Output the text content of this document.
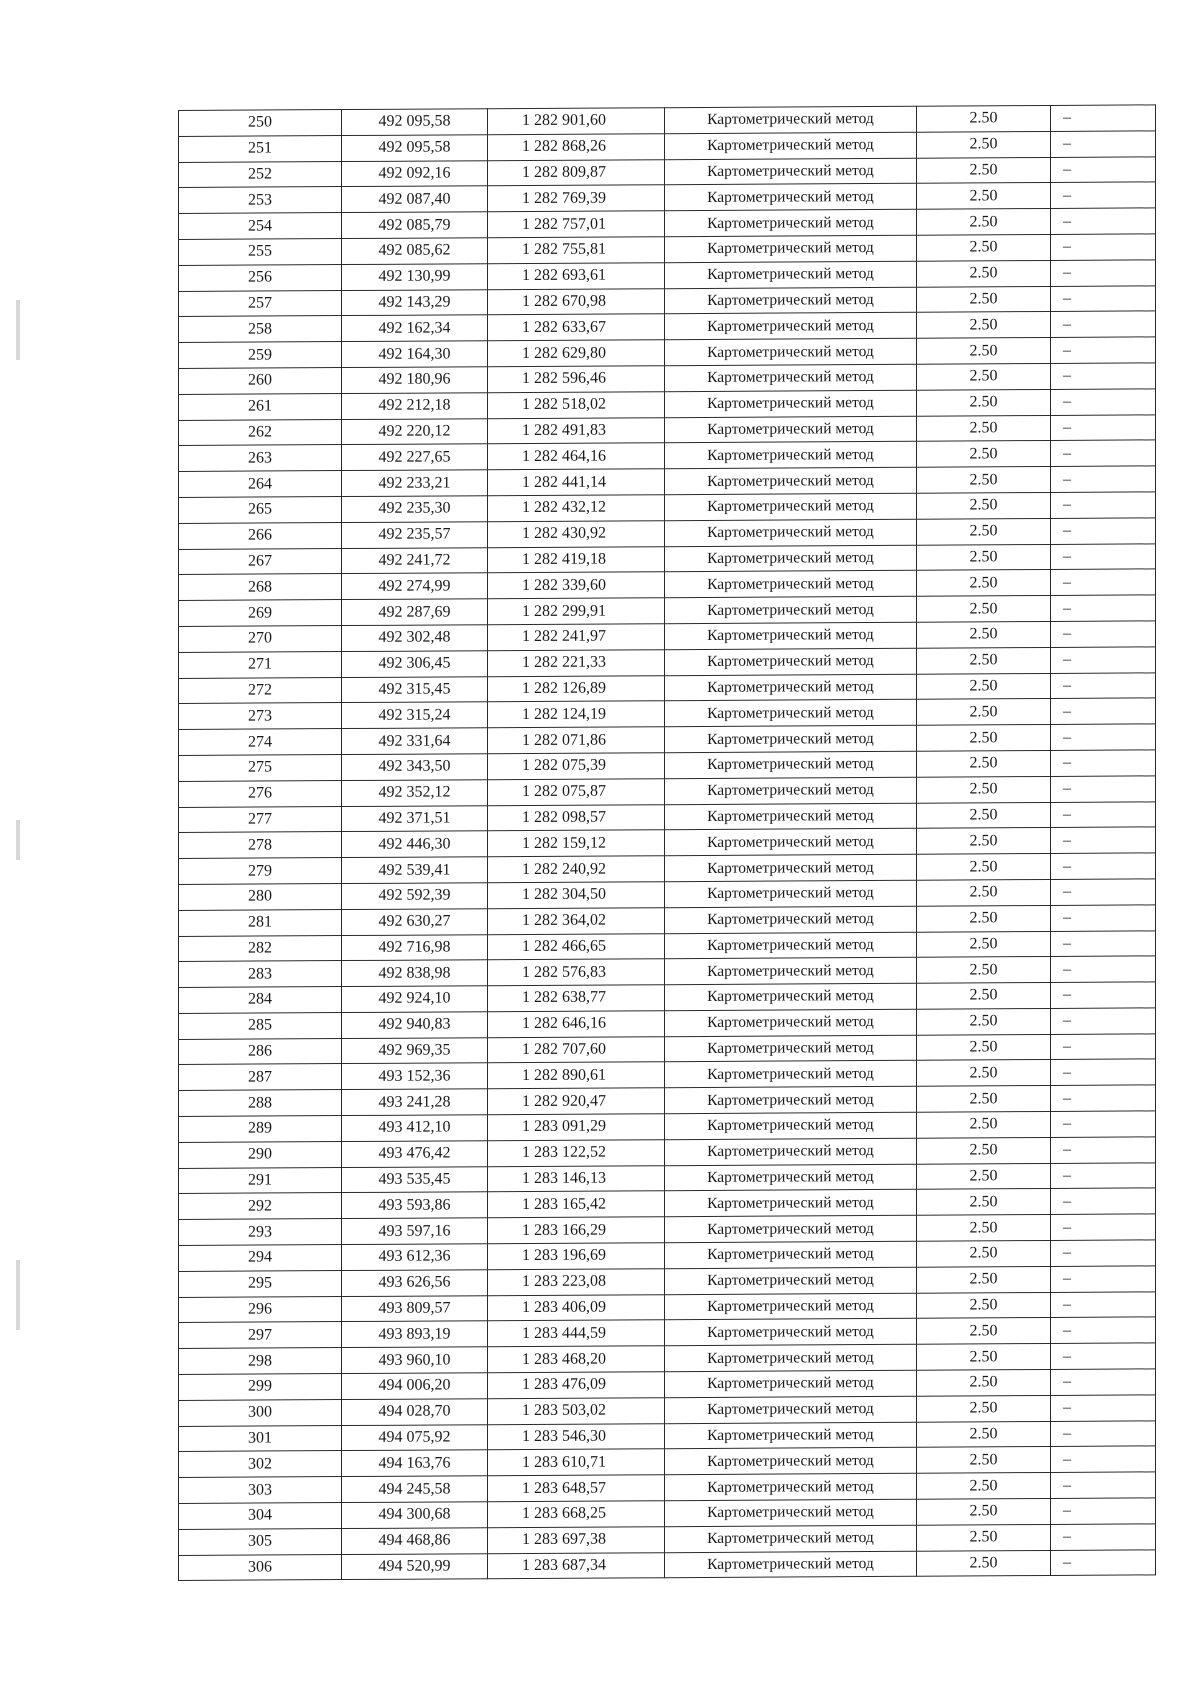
250	492 095,58	1 282 901,60	Картометрический метод	2.50	–
251	492 095,58	1 282 868,26	Картометрический метод	2.50	–
252	492 092,16	1 282 809,87	Картометрический метод	2.50	–
253	492 087,40	1 282 769,39	Картометрический метод	2.50	–
254	492 085,79	1 282 757,01	Картометрический метод	2.50	–
255	492 085,62	1 282 755,81	Картометрический метод	2.50	–
256	492 130,99	1 282 693,61	Картометрический метод	2.50	–
257	492 143,29	1 282 670,98	Картометрический метод	2.50	–
258	492 162,34	1 282 633,67	Картометрический метод	2.50	–
259	492 164,30	1 282 629,80	Картометрический метод	2.50	–
260	492 180,96	1 282 596,46	Картометрический метод	2.50	–
261	492 212,18	1 282 518,02	Картометрический метод	2.50	–
262	492 220,12	1 282 491,83	Картометрический метод	2.50	–
263	492 227,65	1 282 464,16	Картометрический метод	2.50	–
264	492 233,21	1 282 441,14	Картометрический метод	2.50	–
265	492 235,30	1 282 432,12	Картометрический метод	2.50	–
266	492 235,57	1 282 430,92	Картометрический метод	2.50	–
267	492 241,72	1 282 419,18	Картометрический метод	2.50	–
268	492 274,99	1 282 339,60	Картометрический метод	2.50	–
269	492 287,69	1 282 299,91	Картометрический метод	2.50	–
270	492 302,48	1 282 241,97	Картометрический метод	2.50	–
271	492 306,45	1 282 221,33	Картометрический метод	2.50	–
272	492 315,45	1 282 126,89	Картометрический метод	2.50	–
273	492 315,24	1 282 124,19	Картометрический метод	2.50	–
274	492 331,64	1 282 071,86	Картометрический метод	2.50	–
275	492 343,50	1 282 075,39	Картометрический метод	2.50	–
276	492 352,12	1 282 075,87	Картометрический метод	2.50	–
277	492 371,51	1 282 098,57	Картометрический метод	2.50	–
278	492 446,30	1 282 159,12	Картометрический метод	2.50	–
279	492 539,41	1 282 240,92	Картометрический метод	2.50	–
280	492 592,39	1 282 304,50	Картометрический метод	2.50	–
281	492 630,27	1 282 364,02	Картометрический метод	2.50	–
282	492 716,98	1 282 466,65	Картометрический метод	2.50	–
283	492 838,98	1 282 576,83	Картометрический метод	2.50	–
284	492 924,10	1 282 638,77	Картометрический метод	2.50	–
285	492 940,83	1 282 646,16	Картометрический метод	2.50	–
286	492 969,35	1 282 707,60	Картометрический метод	2.50	–
287	493 152,36	1 282 890,61	Картометрический метод	2.50	–
288	493 241,28	1 282 920,47	Картометрический метод	2.50	–
289	493 412,10	1 283 091,29	Картометрический метод	2.50	–
290	493 476,42	1 283 122,52	Картометрический метод	2.50	–
291	493 535,45	1 283 146,13	Картометрический метод	2.50	–
292	493 593,86	1 283 165,42	Картометрический метод	2.50	–
293	493 597,16	1 283 166,29	Картометрический метод	2.50	–
294	493 612,36	1 283 196,69	Картометрический метод	2.50	–
295	493 626,56	1 283 223,08	Картометрический метод	2.50	–
296	493 809,57	1 283 406,09	Картометрический метод	2.50	–
297	493 893,19	1 283 444,59	Картометрический метод	2.50	–
298	493 960,10	1 283 468,20	Картометрический метод	2.50	–
299	494 006,20	1 283 476,09	Картометрический метод	2.50	–
300	494 028,70	1 283 503,02	Картометрический метод	2.50	–
301	494 075,92	1 283 546,30	Картометрический метод	2.50	–
302	494 163,76	1 283 610,71	Картометрический метод	2.50	–
303	494 245,58	1 283 648,57	Картометрический метод	2.50	–
304	494 300,68	1 283 668,25	Картометрический метод	2.50	–
305	494 468,86	1 283 697,38	Картометрический метод	2.50	–
306	494 520,99	1 283 687,34	Картометрический метод	2.50	–
